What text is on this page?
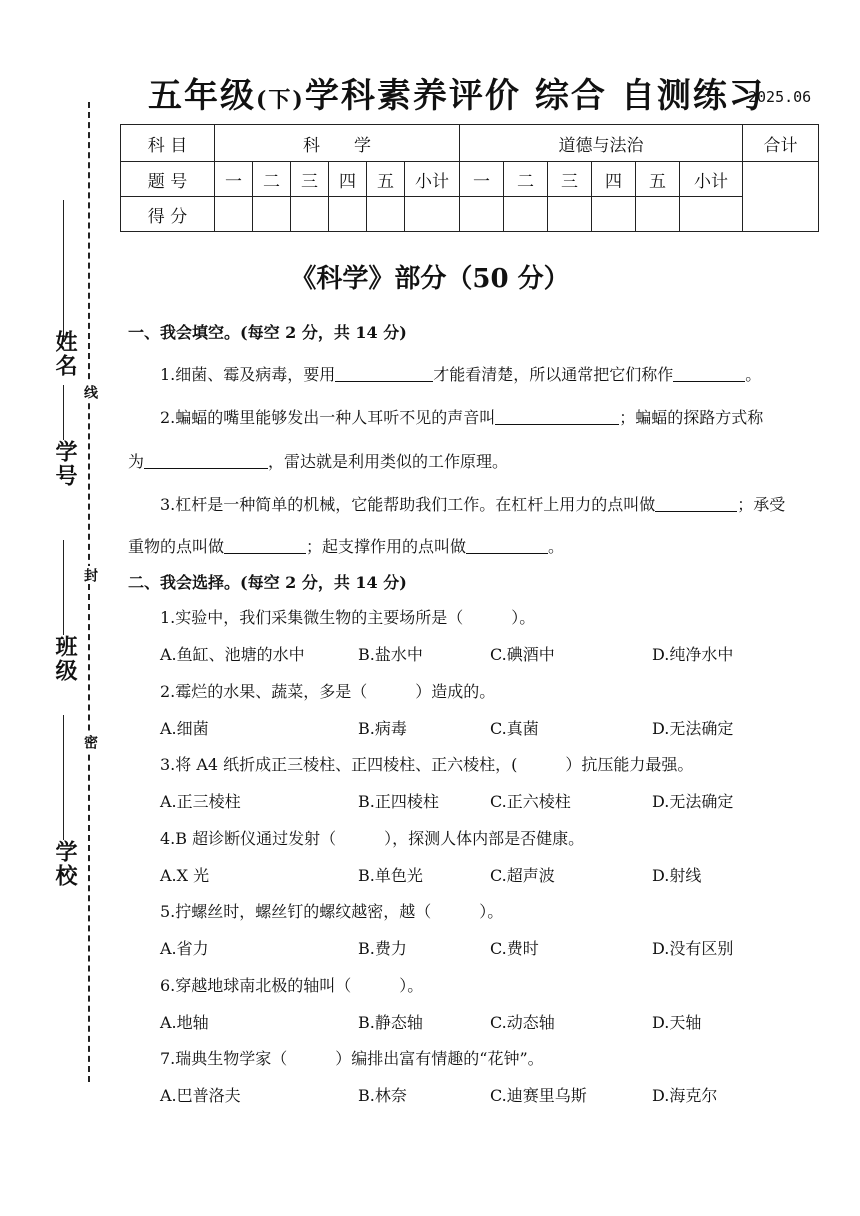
姓名
学号
班级
学校
线
封
密
五年级(下)学科素养评价 综合 自测练习
2025.06
科 目	科　　学						道德与法治						合计
题 号	一	二	三	四	五	小计	一	二	三	四	五	小计	
得 分													
《科学》部分（50 分）
一、我会填空。(每空 2 分，共 14 分)
1.细菌、霉及病毒，要用	才能看清楚，所以通常把它们称作	。
2.蝙蝠的嘴里能够发出一种人耳听不见的声音叫	；蝙蝠的探路方式称
为	，雷达就是利用类似的工作原理。
3.杠杆是一种简单的机械，它能帮助我们工作。在杠杆上用力的点叫做	；承受
重物的点叫做	；起支撑作用的点叫做	。
二、我会选择。(每空 2 分，共 14 分)
1.实验中，我们采集微生物的主要场所是（　　　）。
A.鱼缸、池塘的水中	B.盐水中	C.碘酒中	D.纯净水中
2.霉烂的水果、蔬菜，多是（　　　）造成的。
A.细菌	B.病毒	C.真菌	D.无法确定
3.将 A4 纸折成正三棱柱、正四棱柱、正六棱柱，(　　　）抗压能力最强。
A.正三棱柱	B.正四棱柱	C.正六棱柱	D.无法确定
4.B 超诊断仪通过发射（　　　），探测人体内部是否健康。
A.X 光	B.单色光	C.超声波	D.射线
5.拧螺丝时，螺丝钉的螺纹越密，越（　　　）。
A.省力	B.费力	C.费时	D.没有区别
6.穿越地球南北极的轴叫（　　　）。
A.地轴	B.静态轴	C.动态轴	D.天轴
7.瑞典生物学家（　　　）编排出富有情趣的“花钟”。
A.巴普洛夫	B.林奈	C.迪赛里乌斯	D.海克尔
